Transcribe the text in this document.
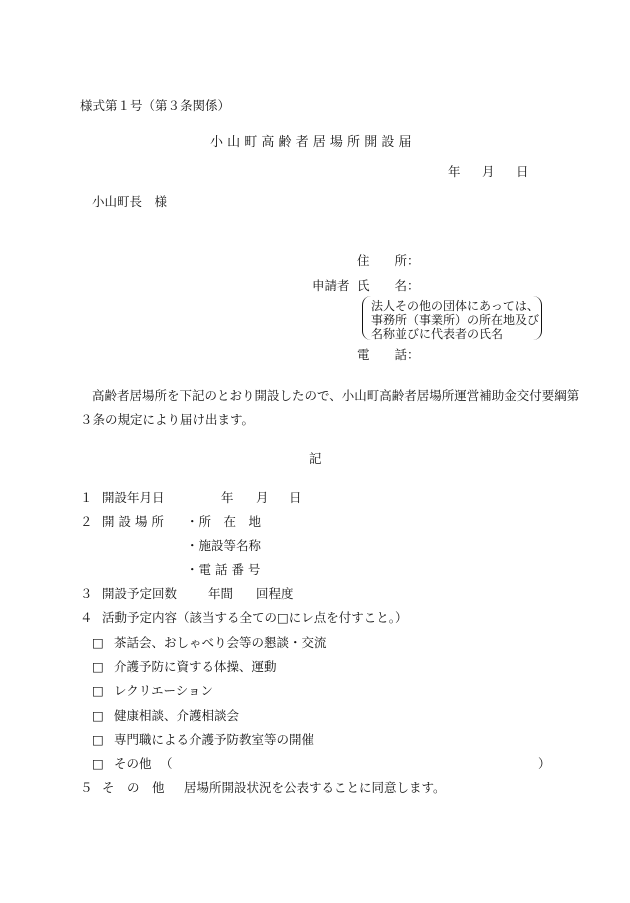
様式第１号（第３条関係）
小 山 町 高 齢 者 居 場 所 開 設 届
年 月 日
小山町長　様
住　　所：
申請者 氏　　名：
法人その他の団体にあっては、
事務所（事業所）の所在地及び
名称並びに代表者の氏名
電　　話：
高齢者居場所を下記のとおり開設したので、小山町高齢者居場所運営補助金交付要綱第
３条の規定により届け出ます。
記
１ 開設年月日	年 月 日
２ 開 設 場 所 ・所　在　地
・施設等名称
・電 話 番 号
３ 開設予定回数 年間 回程度
４ 活動予定内容（該当する全ての□にレ点を付すこと。）
□ 茶話会、おしゃべり会等の懇談・交流
□ 介護予防に資する体操、運動
□ レクリエーション
□ 健康相談、介護相談会
□ 専門職による介護予防教室等の開催
□ その他 （	）
５ そ　の　他 居場所開設状況を公表することに同意します。
